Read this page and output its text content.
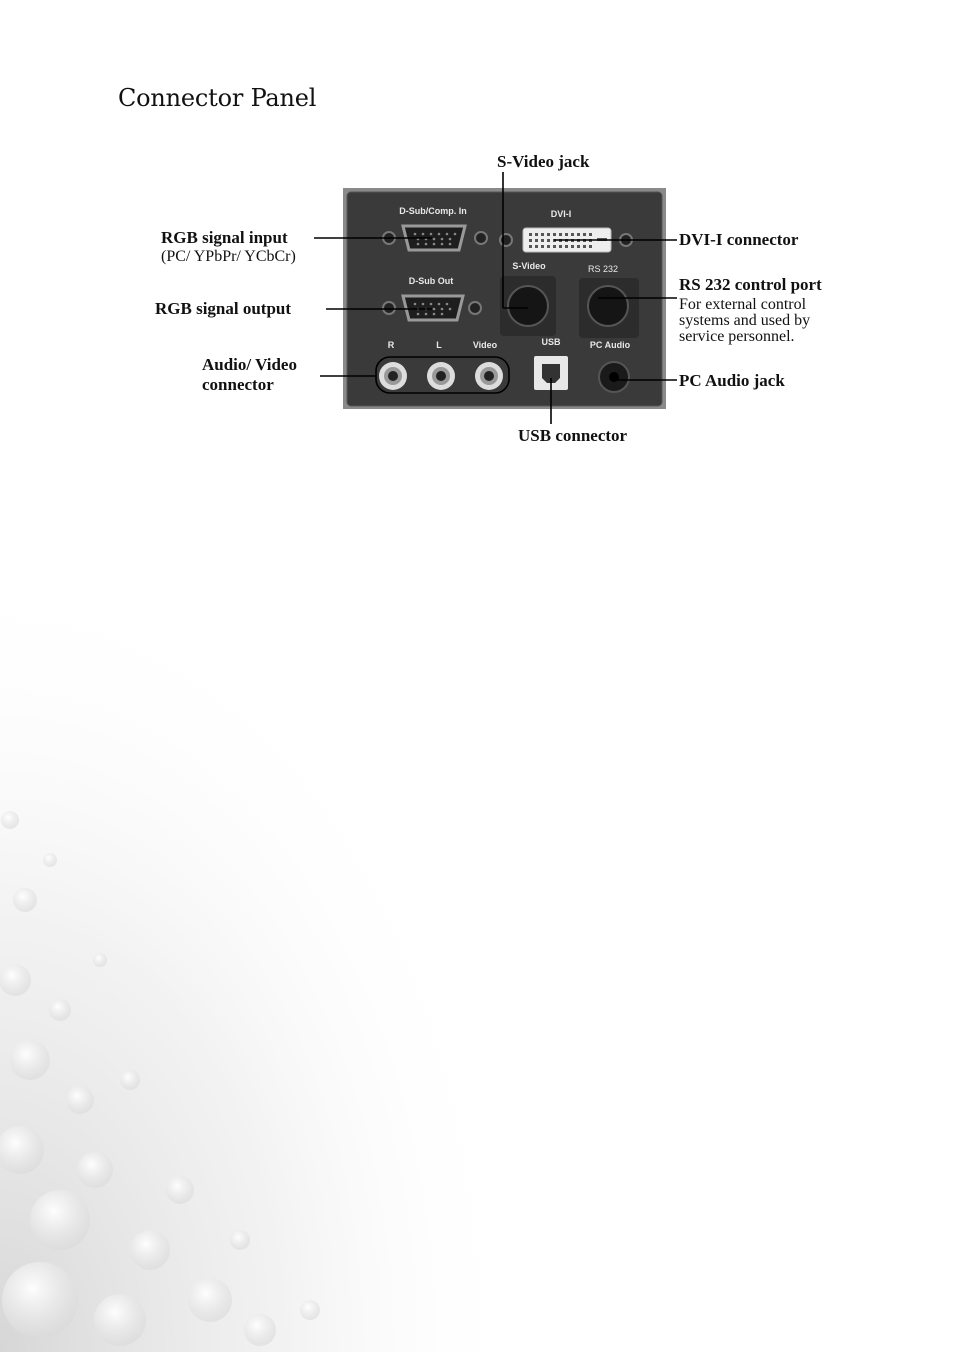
Connector Panel
D-Sub/Comp. In	DVI-I
D-Sub Out
S-Video	RS 232
R	L	Video	USB	PC Audio
S-Video jack
RGB signal input
(PC/ YPbPr/ YCbCr)
DVI-I connector
RS 232 control port
For external control
systems and used by
service personnel.
RGB signal output
Audio/ Video
connector	PC Audio jack
USB connector
